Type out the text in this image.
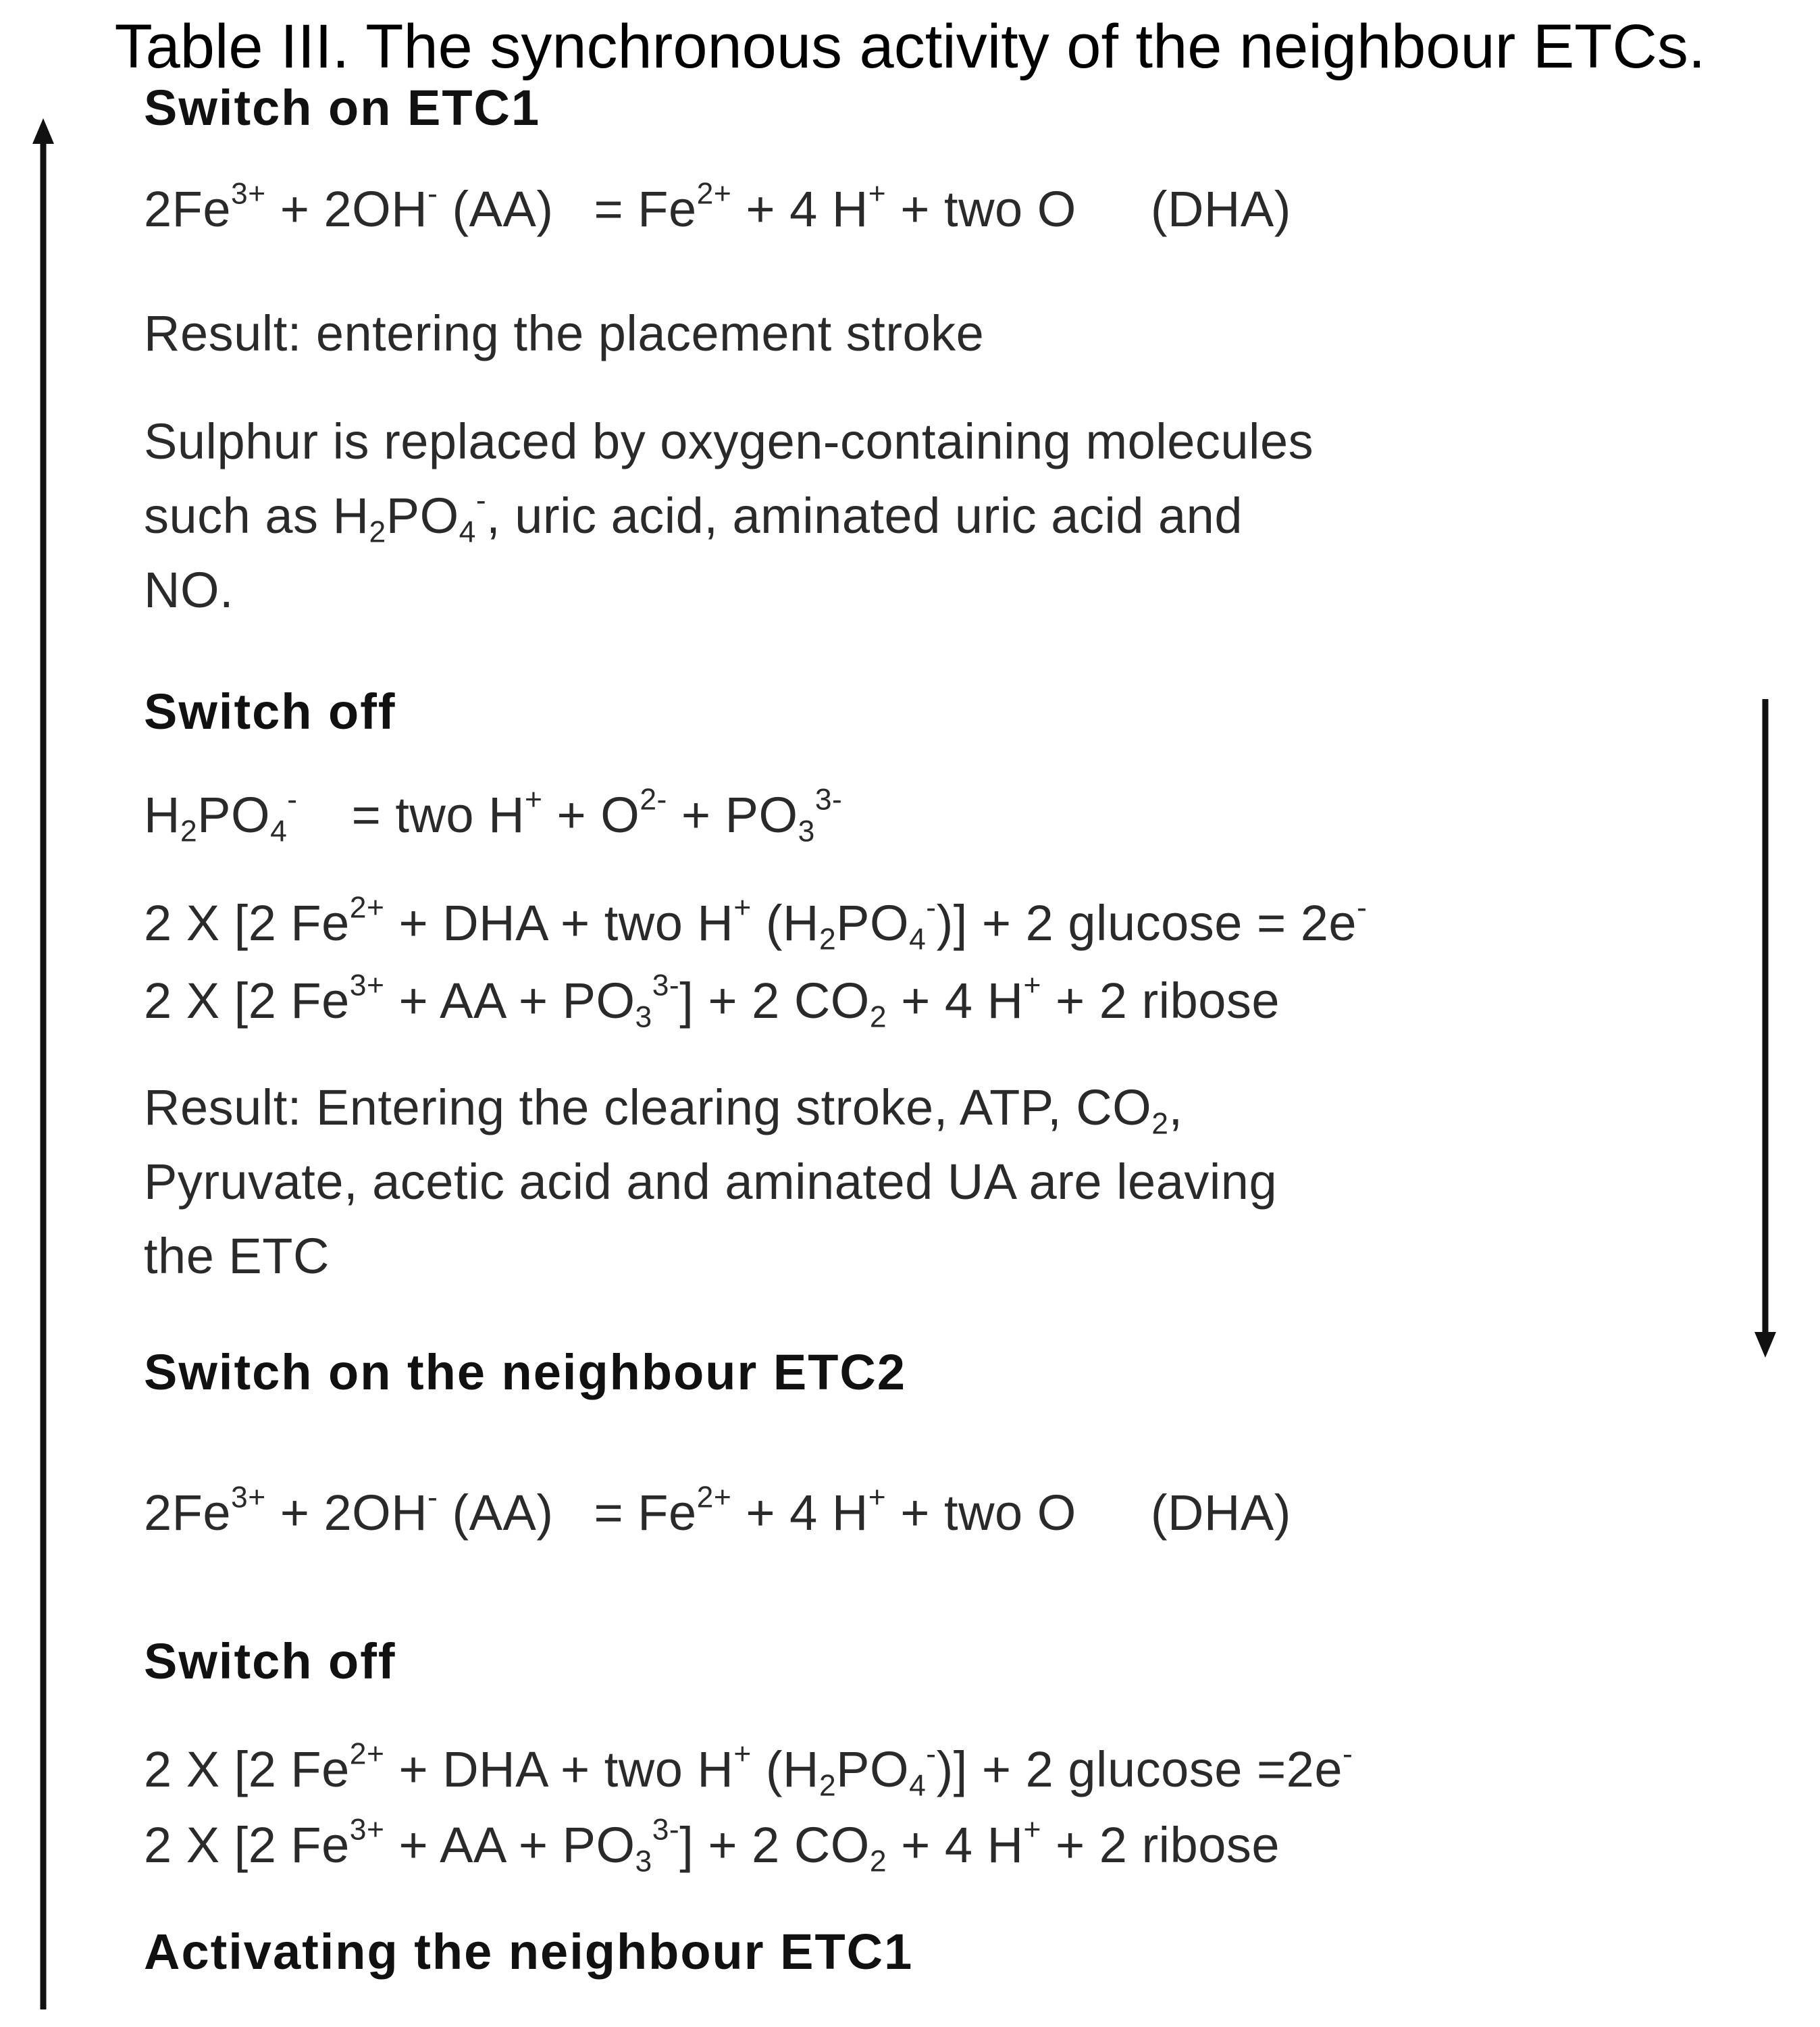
Table III. The synchronous activity of the neighbour ETCs.
Switch on ETC1
$2Fe^{3+} + 2OH^-$ $(AA) = Fe^{2+} + 4$ H+ + two O (DHA)
Result: entering the placement stroke
Sulphur is replaced by oxygen-containing molecules
such as $H_2PO_4^-$, uric acid, aminated uric acid and
NO.
Switch off
$H_2PO_4^-$ = two $H^+ + O^{2-} + PO_3^{3-}$
2 X [2 $Fe^{2+}$ + DHA + two H+ $(H_2PO_4^-)] + 2$ glucose = 2e-
2 X [2 $Fe^{3+}$ + AA + $PO_3^{3-}] + 2$ $CO_2 + 4$ H+ + 2 ribose
Result: Entering the clearing stroke, ATP, $CO_2$,
Pyruvate, acetic acid and aminated UA are leaving
the ETC
Switch on the neighbour ETC2
$2Fe^{3+} + 2OH^-$ $(AA) = Fe^{2+} + 4$ H+ + two O (DHA)
Switch off
2 X [2 $Fe^{2+}$ + DHA + two H+ $(H_2PO_4^-)] + 2$ glucose =2e-
2 X [2 $Fe^{3+}$ + AA + $PO_3^{3-}] + 2$ $CO_2 + 4$ H+ + 2 ribose
Activating the neighbour ETC1
